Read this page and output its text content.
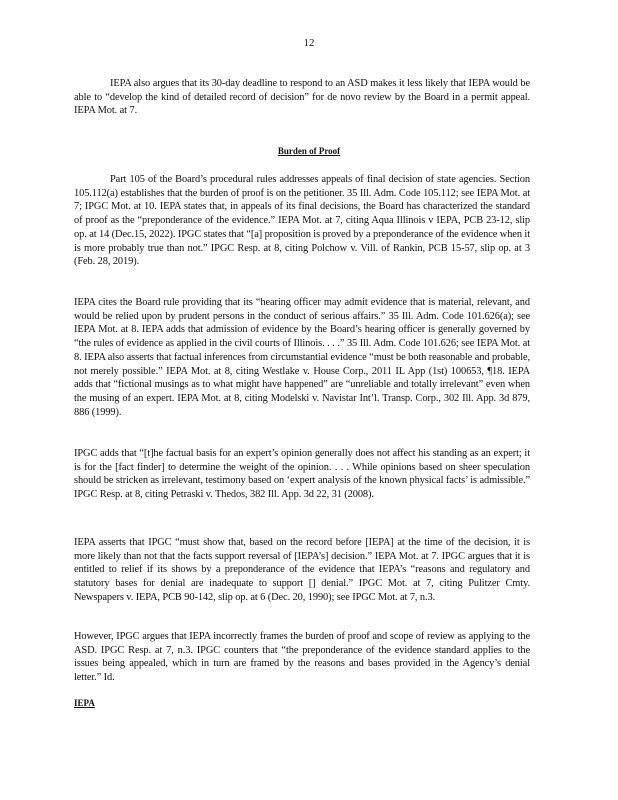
12

IEPA also argues that its 30-day deadline to respond to an ASD makes it less likely that IEPA would be able to “develop the kind of detailed record of decision” for de novo review by the Board in a permit appeal. IEPA Mot. at 7.

Burden of Proof

Part 105 of the Board’s procedural rules addresses appeals of final decision of state agencies. Section 105.112(a) establishes that the burden of proof is on the petitioner. 35 Ill. Adm. Code 105.112; see IEPA Mot. at 7; IPGC Mot. at 10. IEPA states that, in appeals of its final decisions, the Board has characterized the standard of proof as the “preponderance of the evidence.” IEPA Mot. at 7, citing Aqua Illinois v IEPA, PCB 23-12, slip op. at 14 (Dec.15, 2022). IPGC states that “[a] proposition is proved by a preponderance of the evidence when it is more probably true than not.” IPGC Resp. at 8, citing Polchow v. Vill. of Rankin, PCB 15-57, slip op. at 3 (Feb. 28, 2019).

IEPA cites the Board rule providing that its “hearing officer may admit evidence that is material, relevant, and would be relied upon by prudent persons in the conduct of serious affairs.” 35 Ill. Adm. Code 101.626(a); see IEPA Mot. at 8. IEPA adds that admission of evidence by the Board’s hearing officer is generally governed by “the rules of evidence as applied in the civil courts of Illinois. . . .” 35 Ill. Adm. Code 101.626; see IEPA Mot. at 8. IEPA also asserts that factual inferences from circumstantial evidence “must be both reasonable and probable, not merely possible.” IEPA Mot. at 8, citing Westlake v. House Corp., 2011 IL App (1st) 100653, ¶18. IEPA adds that “fictional musings as to what might have happened” are “unreliable and totally irrelevant” even when the musing of an expert. IEPA Mot. at 8, citing Modelski v. Navistar Int’l. Transp. Corp., 302 Ill. App. 3d 879, 886 (1999).

IPGC adds that “[t]he factual basis for an expert’s opinion generally does not affect his standing as an expert; it is for the [fact finder] to determine the weight of the opinion. . . . While opinions based on sheer speculation should be stricken as irrelevant, testimony based on ‘expert analysis of the known physical facts’ is admissible.” IPGC Resp. at 8, citing Petraski v. Thedos, 382 Ill. App. 3d 22, 31 (2008).

IEPA asserts that IPGC “must show that, based on the record before [IEPA] at the time of the decision, it is more likely than not that the facts support reversal of [IEPA’s] decision.” IEPA Mot. at 7. IPGC argues that it is entitled to relief if its shows by a preponderance of the evidence that IEPA’s “reasons and regulatory and statutory bases for denial are inadequate to support [] denial.” IPGC Mot. at 7, citing Pulitzer Cmty. Newspapers v. IEPA, PCB 90-142, slip op. at 6 (Dec. 20, 1990); see IPGC Mot. at 7, n.3.

However, IPGC argues that IEPA incorrectly frames the burden of proof and scope of review as applying to the ASD. IPGC Resp. at 7, n.3. IPGC counters that “the preponderance of the evidence standard applies to the issues being appealed, which in turn are framed by the reasons and bases provided in the Agency’s denial letter.” Id.

IEPA
